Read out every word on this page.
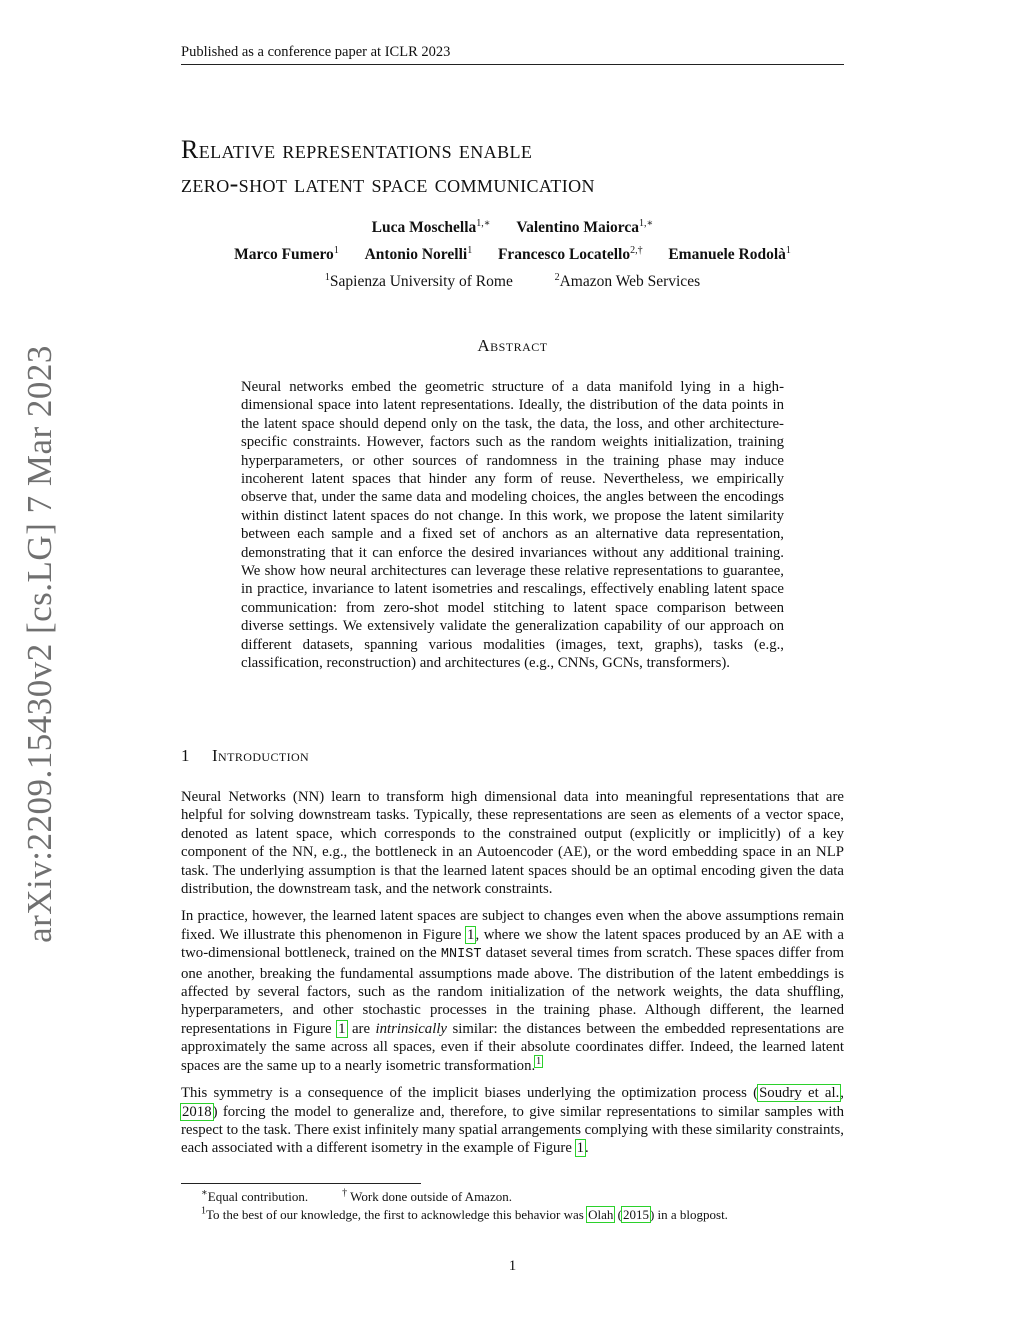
Published as a conference paper at ICLR 2023
arXiv:2209.15430v2 [cs.LG] 7 Mar 2023
Relative representations enable
zero-shot latent space communication
Luca Moschella$^{1,∗}$ Valentino Maiorca$^{1,∗}$
Marco Fumero$^1$ Antonio Norelli$^1$ Francesco Locatello$^{2,\dagger}$ Emanuele Rodolà$^1$
$^1$Sapienza University of Rome	$^2$Amazon Web Services
Abstract

Neural networks embed the geometric structure of a data manifold lying in a high-dimensional space into latent representations. Ideally, the distribution of the data points in the latent space should depend only on the task, the data, the loss, and other architecture-specific constraints. However, factors such as the random weights initialization, training hyperparameters, or other sources of randomness in the training phase may induce incoherent latent spaces that hinder any form of reuse. Nevertheless, we empirically observe that, under the same data and modeling choices, the angles between the encodings within distinct latent spaces do not change. In this work, we propose the latent similarity between each sample and a fixed set of anchors as an alternative data representation, demonstrating that it can enforce the desired invariances without any additional training. We show how neural architectures can leverage these relative representations to guarantee, in practice, invariance to latent isometries and rescalings, effectively enabling latent space communication: from zero-shot model stitching to latent space comparison between diverse settings. We extensively validate the generalization capability of our approach on different datasets, spanning various modalities (images, text, graphs), tasks (e.g., classification, reconstruction) and architectures (e.g., CNNs, GCNs, transformers).

1 Introduction

Neural Networks (NN) learn to transform high dimensional data into meaningful representations that are helpful for solving downstream tasks. Typically, these representations are seen as elements of a vector space, denoted as latent space, which corresponds to the constrained output (explicitly or implicitly) of a key component of the NN, e.g., the bottleneck in an Autoencoder (AE), or the word embedding space in an NLP task. The underlying assumption is that the learned latent spaces should be an optimal encoding given the data distribution, the downstream task, and the network constraints.

In practice, however, the learned latent spaces are subject to changes even when the above assumptions remain fixed. We illustrate this phenomenon in Figure 1, where we show the latent spaces produced by an AE with a two-dimensional bottleneck, trained on the MNIST dataset several times from scratch. These spaces differ from one another, breaking the fundamental assumptions made above. The distribution of the latent embeddings is affected by several factors, such as the random initialization of the network weights, the data shuffling, hyperparameters, and other stochastic processes in the training phase. Although different, the learned representations in Figure 1 are intrinsically similar: the distances between the embedded representations are approximately the same across all spaces, even if their absolute coordinates differ. Indeed, the learned latent spaces are the same up to a nearly isometric transformation.$^1$

This symmetry is a consequence of the implicit biases underlying the optimization process (Soudry et al., 2018) forcing the model to generalize and, therefore, to give similar representations to similar samples with respect to the task. There exist infinitely many spatial arrangements complying with these similarity constraints, each associated with a different isometry in the example of Figure 1.

∗Equal contribution.	† Work done outside of Amazon.
$^1$To the best of our knowledge, the first to acknowledge this behavior was Olah (2015) in a blogpost.
1
